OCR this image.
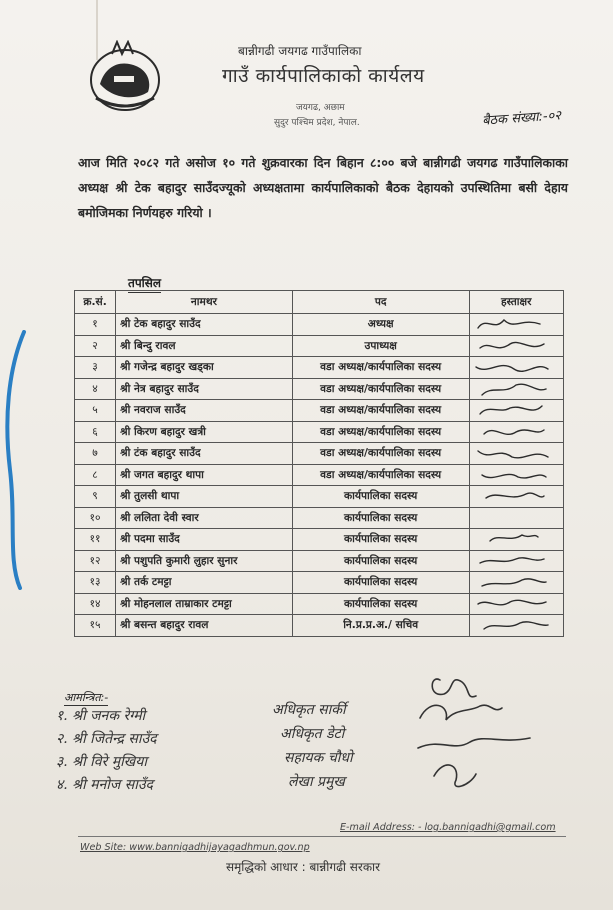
बान्नीगढी जयगढ गाउँपालिका
गाउँ कार्यपालिकाको कार्यलय
जयगढ, अछाम
सुदुर पश्चिम प्रदेश, नेपाल.	बैठक संख्या:-०२
आज मिति २०८२ गते असोज १० गते शुक्रवारका दिन बिहान ८:०० बजे बान्नीगढी जयगढ गाउँपालिकाका अध्यक्ष श्री टेक बहादुर साउँदज्यूको अध्यक्षतामा कार्यपालिकाको बैठक देहायको उपस्थितिमा बसी देहाय बमोजिमका निर्णयहरु गरियो ।
तपसिल
क्र.सं.	नामथर	पद	हस्ताक्षर
१	श्री टेक बहादुर साउँद	अध्यक्ष	

२	श्री बिन्दु रावल	उपाध्यक्ष	

३	श्री गजेन्द्र बहादुर खड्का	वडा अध्यक्ष/कार्यपालिका सदस्य	

४	श्री नेत्र बहादुर साउँद	वडा अध्यक्ष/कार्यपालिका सदस्य	

५	श्री नवराज साउँद	वडा अध्यक्ष/कार्यपालिका सदस्य	

६	श्री किरण बहादुर खत्री	वडा अध्यक्ष/कार्यपालिका सदस्य	

७	श्री टंक बहादुर साउँद	वडा अध्यक्ष/कार्यपालिका सदस्य	

८	श्री जगत बहादुर थापा	वडा अध्यक्ष/कार्यपालिका सदस्य	

९	श्री तुलसी थापा	कार्यपालिका सदस्य	

१०	श्री ललिता देवी स्वार	कार्यपालिका सदस्य	
११	श्री पदमा साउँद	कार्यपालिका सदस्य	

१२	श्री पशुपति कुमारी लुहार सुनार	कार्यपालिका सदस्य	

१३	श्री तर्क टमट्टा	कार्यपालिका सदस्य	

१४	श्री मोहनलाल ताम्राकार टमट्टा	कार्यपालिका सदस्य	

१५	श्री बसन्त बहादुर रावल	नि.प्र.प्र.अ./ सचिव	
आमन्त्रित:-
१. श्री जनक रेग्मी
२. श्री जितेन्द्र साउँद
३. श्री विरे मुखिया
४. श्री मनोज साउँद
अधिकृत सार्की
अधिकृत डेटो
सहायक चौधो
लेखा प्रमुख
E-mail Address: - log.bannigadhi@gmail.com
Web Site: www.bannigadhijayagadhmun.gov.np
समृद्धिको आधार : बान्नीगढी सरकार
